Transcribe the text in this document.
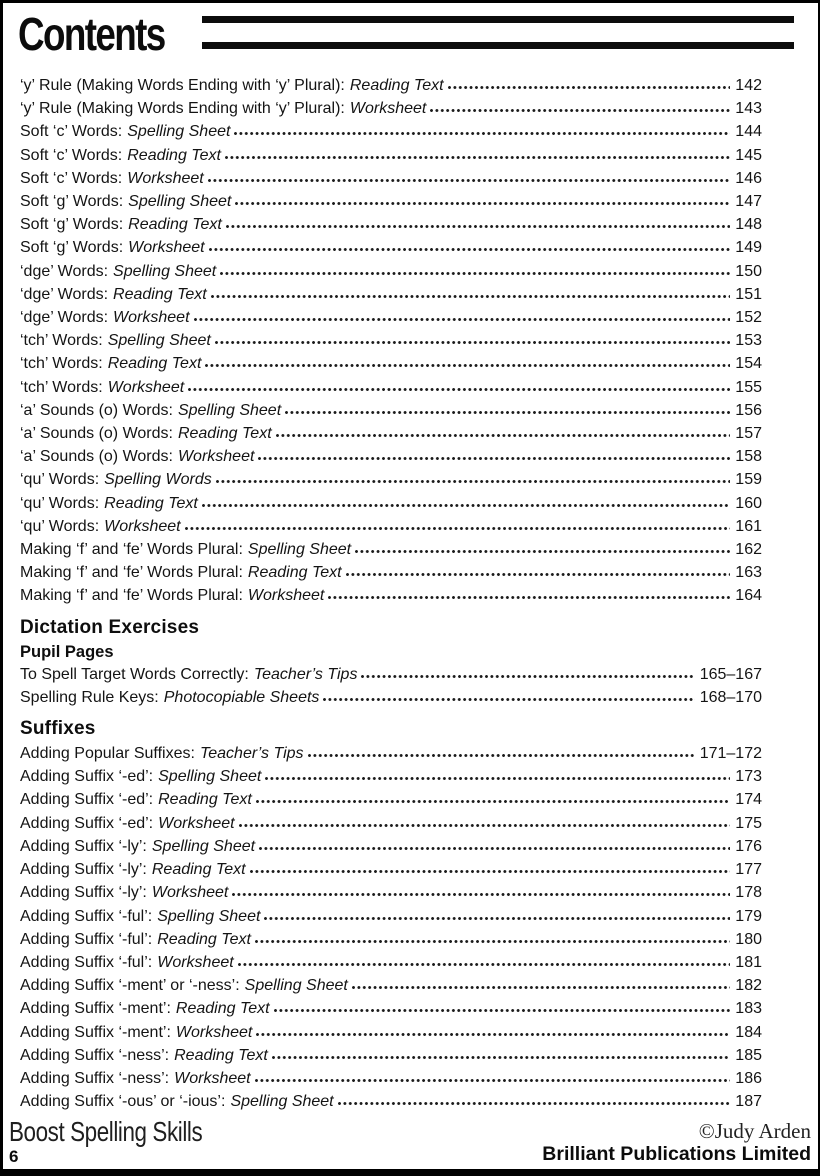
Contents
‘y’ Rule (Making Words Ending with ‘y’ Plural): Reading Text	142
‘y’ Rule (Making Words Ending with ‘y’ Plural): Worksheet	143
Soft ‘c’ Words: Spelling Sheet	144
Soft ‘c’ Words: Reading Text	145
Soft ‘c’ Words: Worksheet	146
Soft ‘g’ Words: Spelling Sheet	147
Soft ‘g’ Words: Reading Text	148
Soft ‘g’ Words: Worksheet	149
‘dge’ Words: Spelling Sheet	150
‘dge’ Words: Reading Text	151
‘dge’ Words: Worksheet	152
‘tch’ Words: Spelling Sheet	153
‘tch’ Words: Reading Text	154
‘tch’ Words: Worksheet	155
‘a’ Sounds (o) Words: Spelling Sheet	156
‘a’ Sounds (o) Words: Reading Text	157
‘a’ Sounds (o) Words: Worksheet	158
‘qu’ Words: Spelling Words	159
‘qu’ Words: Reading Text	160
‘qu’ Words: Worksheet	161
Making ‘f’ and ‘fe’ Words Plural: Spelling Sheet	162
Making ‘f’ and ‘fe’ Words Plural: Reading Text	163
Making ‘f’ and ‘fe’ Words Plural: Worksheet	164
Dictation Exercises
Pupil Pages
To Spell Target Words Correctly: Teacher’s Tips	165–167
Spelling Rule Keys: Photocopiable Sheets	168–170
Suffixes
Adding Popular Suffixes: Teacher’s Tips	171–172
Adding Suffix ‘-ed’: Spelling Sheet	173
Adding Suffix ‘-ed’: Reading Text	174
Adding Suffix ‘-ed’: Worksheet	175
Adding Suffix ‘-ly’: Spelling Sheet	176
Adding Suffix ‘-ly’: Reading Text	177
Adding Suffix ‘-ly’: Worksheet	178
Adding Suffix ‘-ful’: Spelling Sheet	179
Adding Suffix ‘-ful’: Reading Text	180
Adding Suffix ‘-ful’: Worksheet	181
Adding Suffix ‘-ment’ or ‘-ness’: Spelling Sheet	182
Adding Suffix ‘-ment’: Reading Text	183
Adding Suffix ‘-ment’: Worksheet	184
Adding Suffix ‘-ness’: Reading Text	185
Adding Suffix ‘-ness’: Worksheet	186
Adding Suffix ‘-ous’ or ‘-ious’: Spelling Sheet	187
Boost Spelling Skills
6
©Judy Arden
Brilliant Publications Limited
